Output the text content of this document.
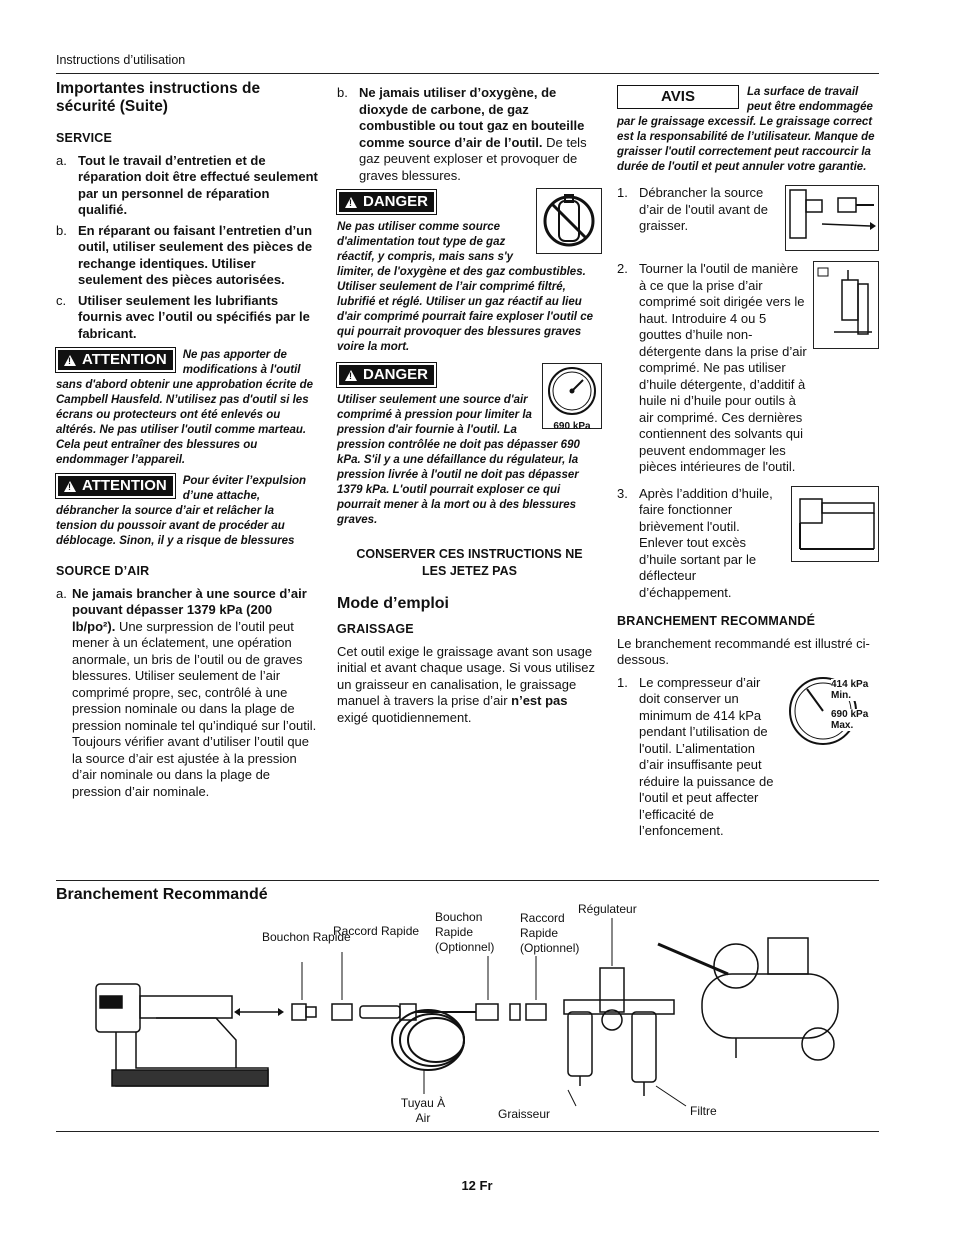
Instructions d’utilisation
Importantes instructions de sécurité (Suite)
SERVICE
a. Tout le travail d’entretien et de réparation doit être effectué seulement par un personnel de réparation qualifié.
b. En réparant ou faisant l’entretien d’un outil, utiliser seulement des pièces de rechange identiques. Utiliser seulement des pièces autorisées.
c. Utiliser seulement les lubrifiants fournis avec l’outil ou spécifiés par le fabricant.
!
ATTENTION	Ne pas apporter de modifications à l'outil sans d'abord obtenir une approbation écrite de Campbell Hausfeld. N’utilisez pas d'outil si les écrans ou protecteurs ont été enlevés ou altérés. Ne pas utiliser l'outil comme marteau. Cela peut entraîner des blessures ou endommager l’appareil.
!
ATTENTION	Pour éviter l’expulsion d’une attache, débrancher la source d’air et relâcher la tension du poussoir avant de procéder au déblocage. Sinon, il y a risque de blessures
SOURCE D’AIR
a. Ne jamais brancher à une source d’air pouvant dépasser 1379 kPa (200 lb/po²). Une surpression de l’outil peut mener à un éclatement, une opération anormale, un bris de l’outil ou de graves blessures. Utiliser seulement de l’air comprimé propre, sec, contrôlé à une pression nominale ou dans la plage de pression nominale tel qu’indiqué sur l’outil. Toujours vérifier avant d’utiliser l’outil que la source d’air est ajustée à la pression d’air nominale ou dans la plage de pression d’air nominale.
b. Ne jamais utiliser d’oxygène, de dioxyde de carbone, de gaz combustible ou tout gaz en bouteille comme source d’air de l’outil. De tels gaz peuvent exploser et provoquer de graves blessures.
!
DANGER
Ne pas utiliser comme source d'alimentation tout type de gaz réactif, y compris, mais sans s'y limiter, de l'oxygène et des gaz combustibles. Utiliser seulement de l’air comprimé filtré, lubrifié et réglé. Utiliser un gaz réactif au lieu d'air comprimé pourrait faire exploser l'outil ce qui pourrait provoquer des blessures graves voire la mort.
690 kPa
!
DANGER
Utiliser seulement une source d'air comprimé à pression pour limiter la pression d'air fournie à l'outil. La pression contrôlée ne doit pas dépasser 690 kPa. S'il y a une défaillance du régulateur, la pression livrée à l'outil ne doit pas dépasser 1379 kPa. L'outil pourrait exploser ce qui pourrait mener à la mort ou à des blessures graves.
CONSERVER CES INSTRUCTIONS NE LES JETEZ PAS
Mode d’emploi
GRAISSAGE
Cet outil exige le graissage avant son usage initial et avant chaque usage. Si vous utilisez un graisseur en canalisation, le graissage manuel à travers la prise d’air n’est pas exigé quotidiennement.
AVIS	La surface de travail peut être endommagée par le graissage excessif. Le graissage correct est la responsabilité de l’utilisateur. Manque de graisser l'outil correctement peut raccourcir la durée de l'outil et peut annuler votre garantie.
1. Débrancher la source d’air de l'outil avant de graisser.
2. Tourner la l'outil de manière à ce que la prise d’air comprimé soit dirigée vers le haut. Introduire 4 ou 5 gouttes d’huile non-détergente dans la prise d’air comprimé. Ne pas utiliser d’huile détergente, d’additif à huile ni d’huile pour outils à air comprimé. Ces dernières contiennent des solvants qui peuvent endommager les pièces intérieures de l'outil.
3. Après l’addition d’huile, faire fonctionner brièvement l'outil. Enlever tout excès d’huile sortant par le déflecteur d’échappement.
BRANCHEMENT RECOMMANDÉ
Le branchement recommandé est illustré ci-dessous.
414 kPa Min.
690 kPa Max.
1. Le compresseur d’air doit conserver un minimum de 414 kPa pendant l’utilisation de l'outil. L’alimentation d’air insuffisante peut réduire la puissance de l'outil et peut affecter l’efficacité de l’enfoncement.
Branchement Recommandé
Bouchon Rapide
Raccord Rapide
Bouchon Rapide (Optionnel)
Raccord Rapide (Optionnel)
Régulateur
Tuyau À Air	Graisseur	Filtre
12 Fr
